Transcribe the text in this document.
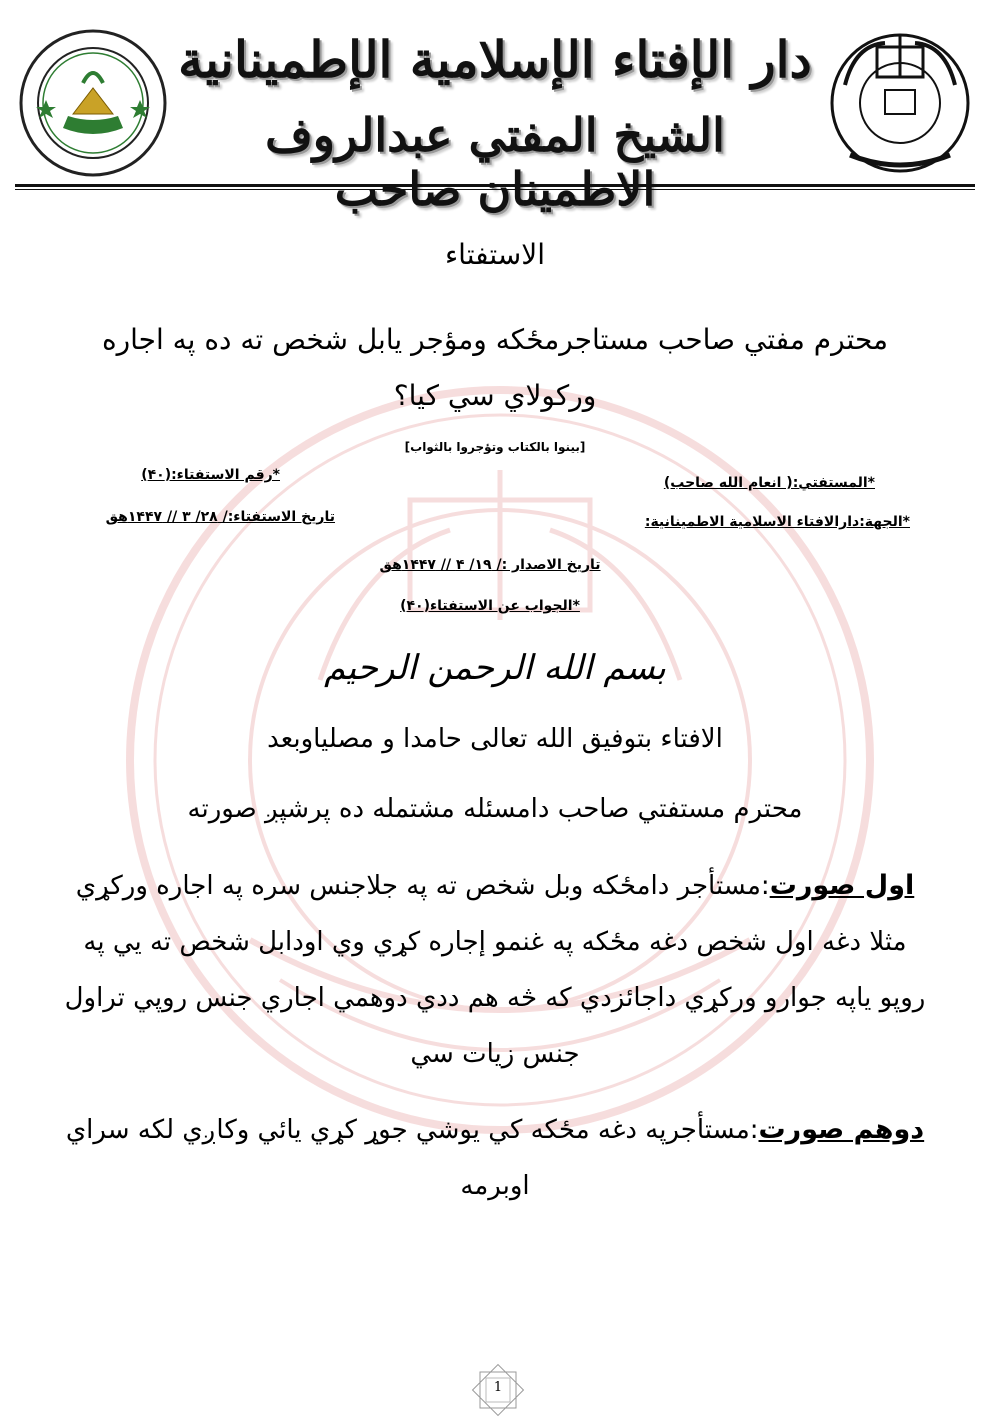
دار الإفتاء الإسلامية الإطمينانية
الشيخ المفتي عبدالروف الاطمينان صاحب
الاستفتاء
محترم مفتي صاحب مستاجرمځکه ومؤجر یابل شخص ته ده په اجاره ورکولاي سي کیا؟
[بینوا بالکتاب وتؤجروا بالثواب]
*رقم الاستفتاء:(۴۰)	*المستفتي:( انعام الله صاحب)
تاریخ الاستفتاء:/ ۲۸/ ۳ // ۱۴۴۷هق	*الجهة:دارالافتاء الاسلامیة الاطمینانیة:
تاریخ الاصدار :/ ۱۹/ ۴ // ۱۴۴۷هق
*الجواب عن الاستفتاء(۴۰)
بسم الله الرحمن الرحيم
الافتاء بتوفیق الله تعالی حامدا و مصلیاوبعد
محترم مستفتي صاحب دامسئله مشتمله ده پرشپږ صورته
اول صورت:مستأجر دامځکه وبل شخص ته په جلاجنس سره په اجاره ورکړي مثلا دغه اول شخص دغه مځکه په غنمو إجاره کړي وي اودابل شخص ته یي په روپو یاپه جوارو ورکړي داجائزدي که څه هم ددي دوهمي اجاري جنس روپي تراول جنس زیات سي
دوهم صورت:مستأجرپه دغه مځکه کي یوشي جوړ کړي یائي وکاږي لکه سراي اوبرمه
1
